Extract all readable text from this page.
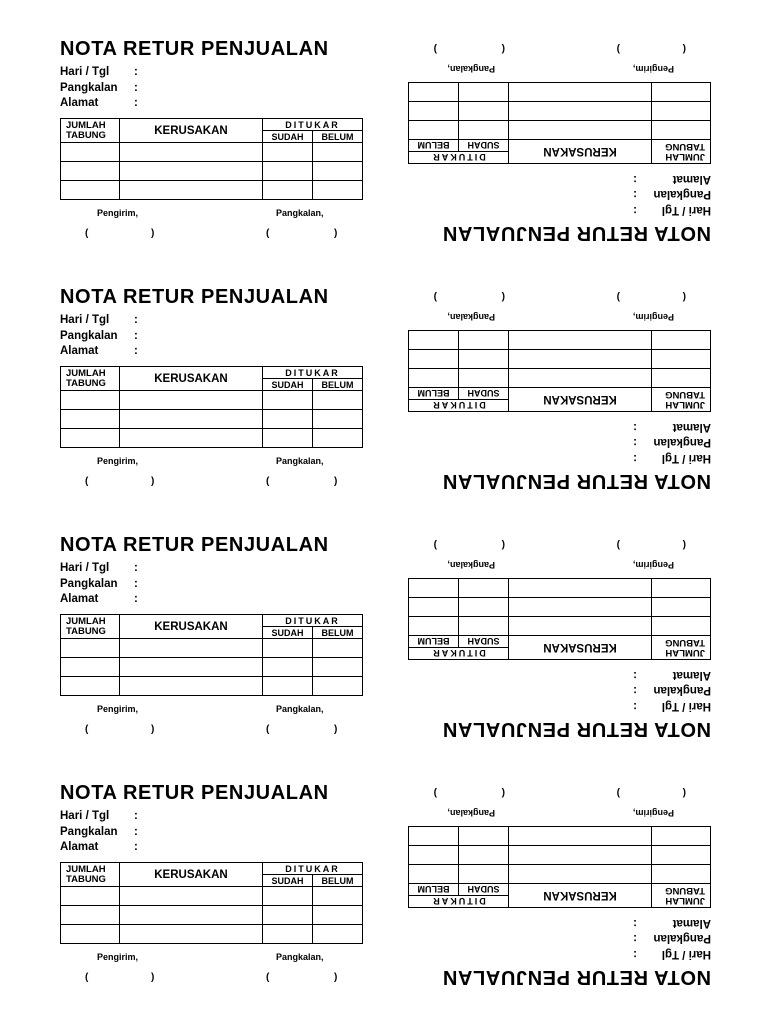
NOTA RETUR PENJUALAN
Hari / Tgl	:
Pangkalan	:
Alamat	:
JUMLAH
TABUNG	KERUSAKAN	DITUKAR	
		SUDAH	BELUM

Pengirim,	Pangkalan,
(	)	(	)
NOTA RETUR PENJUALAN
Hari / Tgl	:
Pangkalan	:
Alamat	:
JUMLAH
TABUNG	KERUSAKAN	DITUKAR	
		SUDAH	BELUM

Pengirim,	Pangkalan,
(	)	(	)
NOTA RETUR PENJUALAN
Hari / Tgl	:
Pangkalan	:
Alamat	:
JUMLAH
TABUNG	KERUSAKAN	DITUKAR	
		SUDAH	BELUM

Pengirim,	Pangkalan,
(	)	(	)
NOTA RETUR PENJUALAN
Hari / Tgl	:
Pangkalan	:
Alamat	:
JUMLAH
TABUNG	KERUSAKAN	DITUKAR	
		SUDAH	BELUM

Pengirim,	Pangkalan,
(	)	(	)
NOTA RETUR PENJUALAN
Hari / Tgl
:
Pangkalan
:
Alamat
:
JUMLAH
TABUNG	KERUSAKAN	DITUKAR	
		SUDAH	BELUM

Pengirim,
Pangkalan,
(
)
(
)
NOTA RETUR PENJUALAN
Hari / Tgl
:
Pangkalan
:
Alamat
:
JUMLAH
TABUNG	KERUSAKAN	DITUKAR	
		SUDAH	BELUM

Pengirim,
Pangkalan,
(
)
(
)
NOTA RETUR PENJUALAN
Hari / Tgl
:
Pangkalan
:
Alamat
:
JUMLAH
TABUNG	KERUSAKAN	DITUKAR	
		SUDAH	BELUM

Pengirim,
Pangkalan,
(
)
(
)
NOTA RETUR PENJUALAN
Hari / Tgl
:
Pangkalan
:
Alamat
:
JUMLAH
TABUNG	KERUSAKAN	DITUKAR	
		SUDAH	BELUM

Pengirim,
Pangkalan,
(
)
(
)
